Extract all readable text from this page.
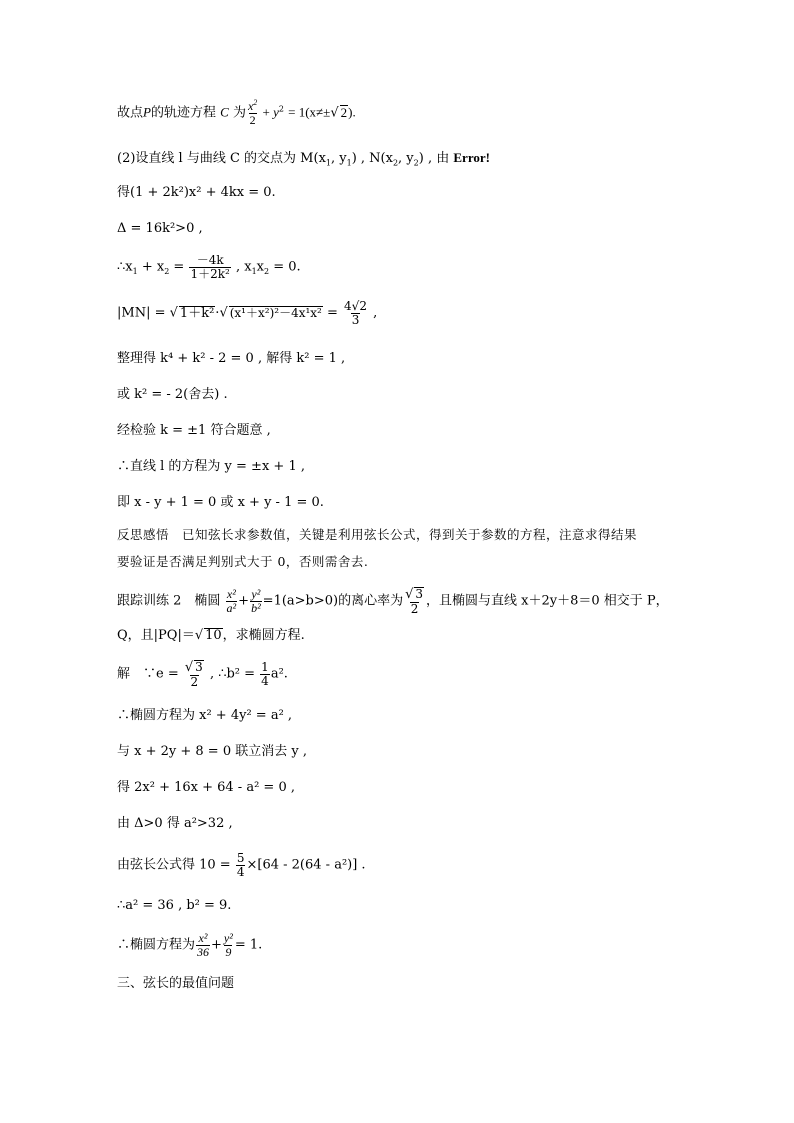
故点P的轨迹方程 C 为 $\frac{x^2}{2} + y^2 = 1(x\ne\pm√$ 2).
(2)设直线 l 与曲线 C 的交点为 $M(x_1$, $y_1$) , $N(x_2$, $y_2$) , 由 Error!
得(1 + 2k²)x² + 4kx = 0.
Δ = 16k²>0 ,
$\therefore x_1 + x_2 = \frac{-4k}{\text{1＋2k²}}$ , $x_1x_2 = 0$.
|MN| = √ 1＋k²·√ $(x^1+x^2)^2-4x^1x^2 = \frac{4√2}{3}$ ,
整理得 k⁴ + k² - 2 = 0 , 解得 k² = 1 ,
或 k² = - 2(舍去) .
经检验 k = ±1 符合题意 ,
∴直线 l 的方程为 y = ±x + 1 ,
即 x - y + 1 = 0 或 x + y - 1 = 0.
反思感悟　已知弦长求参数值，关键是利用弦长公式，得到关于参数的方程，注意求得结果
要验证是否满足判别式大于 0，否则需舍去.
跟踪训练 2　椭圆 $\frac{\text{x²}}{\text{a²}} + \frac{\text{y²}}{\text{b²}} =1(a>b>0)$的离心率为 $\frac{√ 3}{2}$ ，且椭圆与直线 x＋2y＋8＝0 相交于 P，
Q，且|PQ|＝√ 10，求椭圆方程.
解　∵e = $\frac{√ 3}{2}$ , ∴b² = $\frac{1}{4} a^2$.
∴椭圆方程为 x² + 4y² = a² ,
与 x + 2y + 8 = 0 联立消去 y ,
得 2x² + 16x + 64 - a² = 0 ,
由 Δ>0 得 a²>32 ,
由弦长公式得 $10 = \frac{5}{4} \times[64 - 2(64 - a^2)]$ .
∴a² = 36 , b² = 9.
∴椭圆方程为 $\frac{\text{x²}}{36} + \frac{\text{y²}}{9} = 1$.
三、弦长的最值问题
